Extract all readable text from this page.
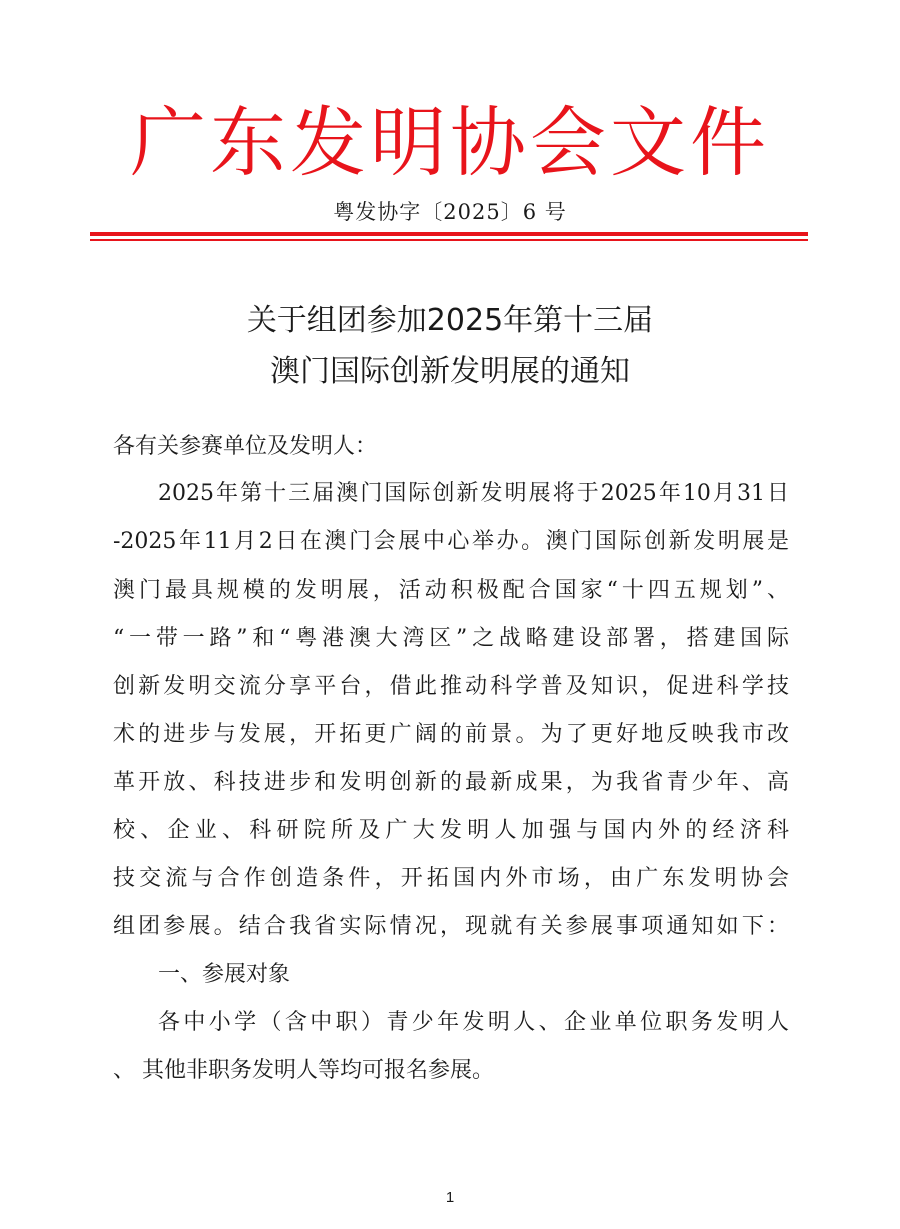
广东发明协会文件
粤发协字〔2025〕6 号
关于组团参加2025年第十三届
澳门国际创新发明展的通知
各有关参赛单位及发明人：
2025年第十三届澳门国际创新发明展将于2025年10月31日
-2025年11月2日在澳门会展中心举办。澳门国际创新发明展是
澳门最具规模的发明展，活动积极配合国家“十四五规划”、
“一带一路”和“粤港澳大湾区”之战略建设部署，搭建国际
创新发明交流分享平台，借此推动科学普及知识，促进科学技
术的进步与发展，开拓更广阔的前景。为了更好地反映我市改
革开放、科技进步和发明创新的最新成果，为我省青少年、高
校、企业、科研院所及广大发明人加强与国内外的经济科
技交流与合作创造条件，开拓国内外市场，由广东发明协会
组团参展。结合我省实际情况，现就有关参展事项通知如下：
一、参展对象
各中小学（含中职）青少年发明人、企业单位职务发明人
、 其他非职务发明人等均可报名参展。
1
